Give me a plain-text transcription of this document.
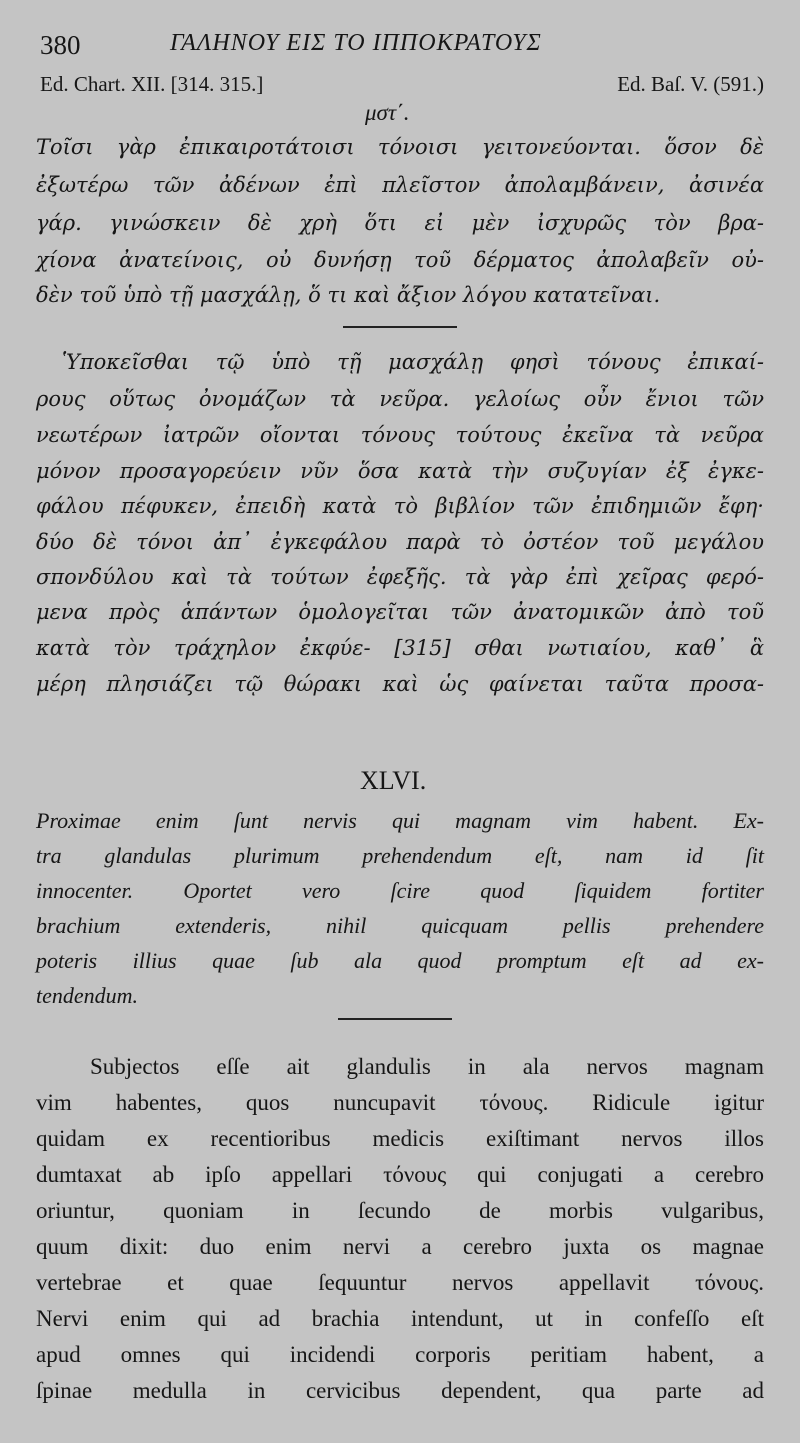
380	ΓΑΛΗΝΟΥ ΕΙΣ ΤΟ ΙΠΠΟΚΡΑΤΟΥΣ
Ed. Chart. XII. [314. 315.]	Ed. Baſ. V. (591.)
μστ΄.
Τοῖσι γὰρ ἐπικαιροτάτοισι τόνοισι γειτονεύονται. ὅσον δὲ
ἐξωτέρω τῶν ἀδένων ἐπὶ πλεῖστον ἀπολαμβάνειν, ἀσινέα
γάρ. γινώσκειν δὲ χρὴ ὅτι εἰ μὲν ἰσχυρῶς τὸν βρα-
χίονα ἀνατείνοις, οὐ δυνήσῃ τοῦ δέρματος ἀπολαβεῖν οὐ-
δὲν τοῦ ὑπὸ τῇ μασχάλῃ, ὅ τι καὶ ἄξιον λόγου κατατεῖναι.
Ὑποκεῖσθαι τῷ ὑπὸ τῇ μασχάλῃ φησὶ τόνους ἐπικαί-
ρους οὕτως ὀνομάζων τὰ νεῦρα. γελοίως οὖν ἔνιοι τῶν
νεωτέρων ἰατρῶν οἴονται τόνους τούτους ἐκεῖνα τὰ νεῦρα
μόνον προσαγορεύειν νῦν ὅσα κατὰ τὴν συζυγίαν ἐξ ἐγκε-
φάλου πέφυκεν, ἐπειδὴ κατὰ τὸ βιβλίον τῶν ἐπιδημιῶν ἔφη·
δύο δὲ τόνοι ἀπ᾽ ἐγκεφάλου παρὰ τὸ ὀστέον τοῦ μεγάλου
σπονδύλου καὶ τὰ τούτων ἐφεξῆς. τὰ γὰρ ἐπὶ χεῖρας φερό-
μενα πρὸς ἁπάντων ὁμολογεῖται τῶν ἀνατομικῶν ἀπὸ τοῦ
κατὰ τὸν τράχηλον ἐκφύε- [315] σθαι νωτιαίου, καθ᾽ ἃ
μέρη πλησιάζει τῷ θώρακι καὶ ὡς φαίνεται ταῦτα προσα-
XLVI.
Proximae enim ſunt nervis qui magnam vim habent. Ex-
tra glandulas plurimum prehendendum eſt, nam id ſit
innocenter. Oportet vero ſcire quod ſiquidem fortiter
brachium extenderis, nihil quicquam pellis prehendere
poteris illius quae ſub ala quod promptum eſt ad ex-
tendendum.
Subjectos eſſe ait glandulis in ala nervos magnam
vim habentes, quos nuncupavit τόνους. Ridicule igitur
quidam ex recentioribus medicis exiſtimant nervos illos
dumtaxat ab ipſo appellari τόνους qui conjugati a cerebro
oriuntur, quoniam in ſecundo de morbis vulgaribus,
quum dixit: duo enim nervi a cerebro juxta os magnae
vertebrae et quae ſequuntur nervos appellavit τόνους.
Nervi enim qui ad brachia intendunt, ut in confeſſo eſt
apud omnes qui incidendi corporis peritiam habent, a
ſpinae medulla in cervicibus dependent, qua parte ad
